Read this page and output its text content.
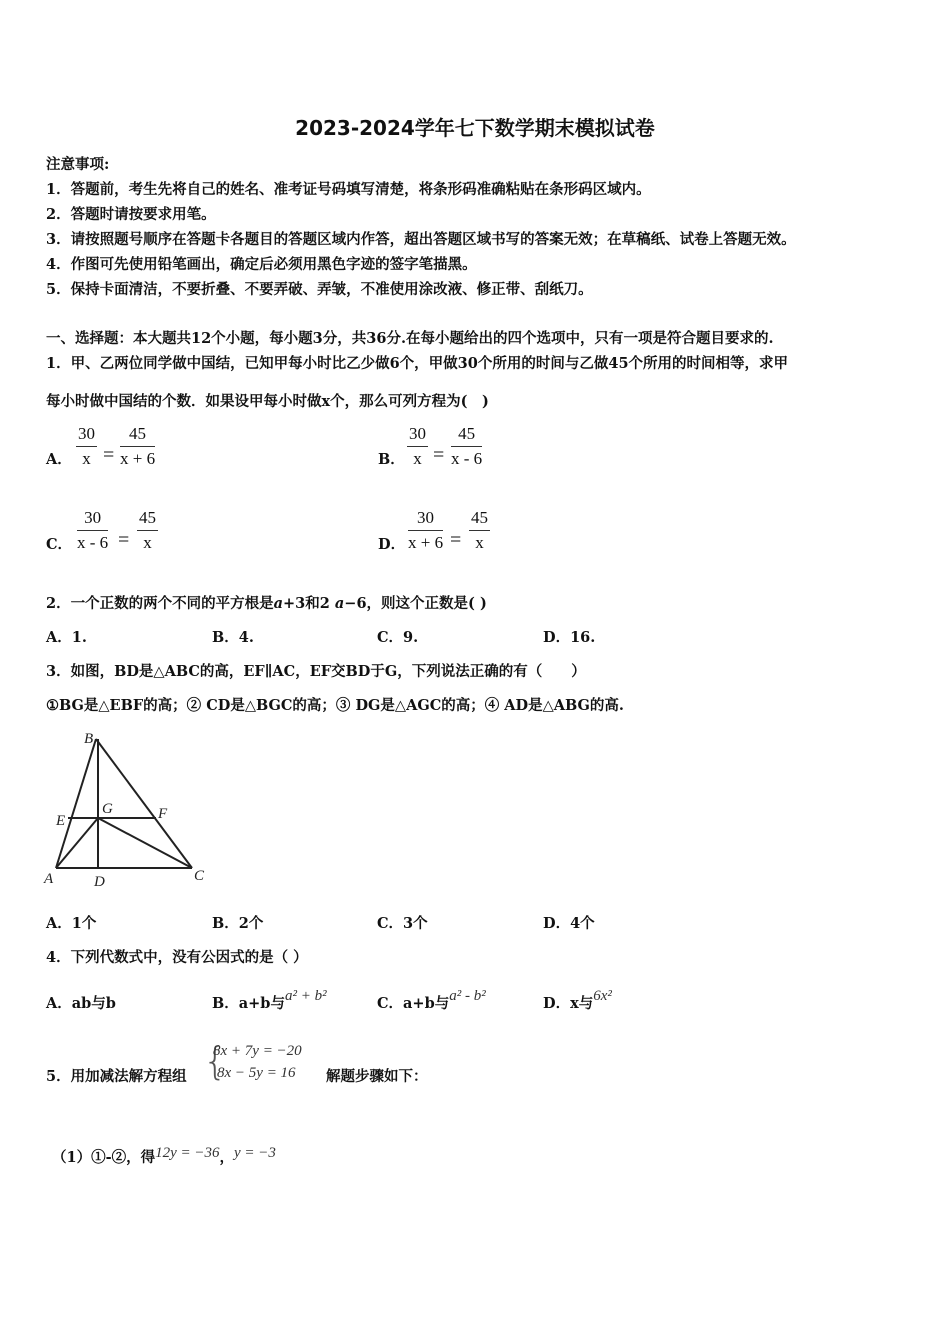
2023-2024学年七下数学期末模拟试卷
注意事项:
1．答题前，考生先将自己的姓名、准考证号码填写清楚，将条形码准确粘贴在条形码区域内。
2．答题时请按要求用笔。
3．请按照题号顺序在答题卡各题目的答题区域内作答，超出答题区域书写的答案无效；在草稿纸、试卷上答题无效。
4．作图可先使用铅笔画出，确定后必须用黑色字迹的签字笔描黑。
5．保持卡面清洁，不要折叠、不要弄破、弄皱，不准使用涂改液、修正带、刮纸刀。
一、选择题：本大题共12个小题，每小题3分，共36分.在每小题给出的四个选项中，只有一项是符合题目要求的.
1．甲、乙两位同学做中国结，已知甲每小时比乙少做6个，甲做30个所用的时间与乙做45个所用的时间相等，求甲
每小时做中国结的个数．如果设甲每小时做x个，那么可列方程为(　)
A． $\frac{30}{x} = \frac{45}{x + 6}$	B． $\frac{30}{x} = \frac{45}{x - 6}$
C． $\frac{30}{x - 6} = \frac{45}{x}$	D． $\frac{30}{x + 6} = \frac{45}{x}$
2．一个正数的两个不同的平方根是a+3和2 a−6，则这个正数是( )
A．1.	B．4.	C．9.	D．16.
3．如图，BD是△ABC的高，EF∥AC，EF交BD于G，下列说法正确的有（　　）
①BG是△EBF的高；② CD是△BGC的高；③ DG是△AGC的高；④ AD是△ABG的高.
B
E
G	F
A	D	C
A．1个	B．2个	C．3个	D．4个
4．下列代数式中，没有公因式的是（ ）
A．ab与b	B．a+b与a² + b²	C．a+b与a² - b²	D．x与6x²
5．用加减法解方程组 {
8x + 7y = −20
8x − 5y = 16 解题步骤如下：
（1）①-②，得12y = −36，y = −3
